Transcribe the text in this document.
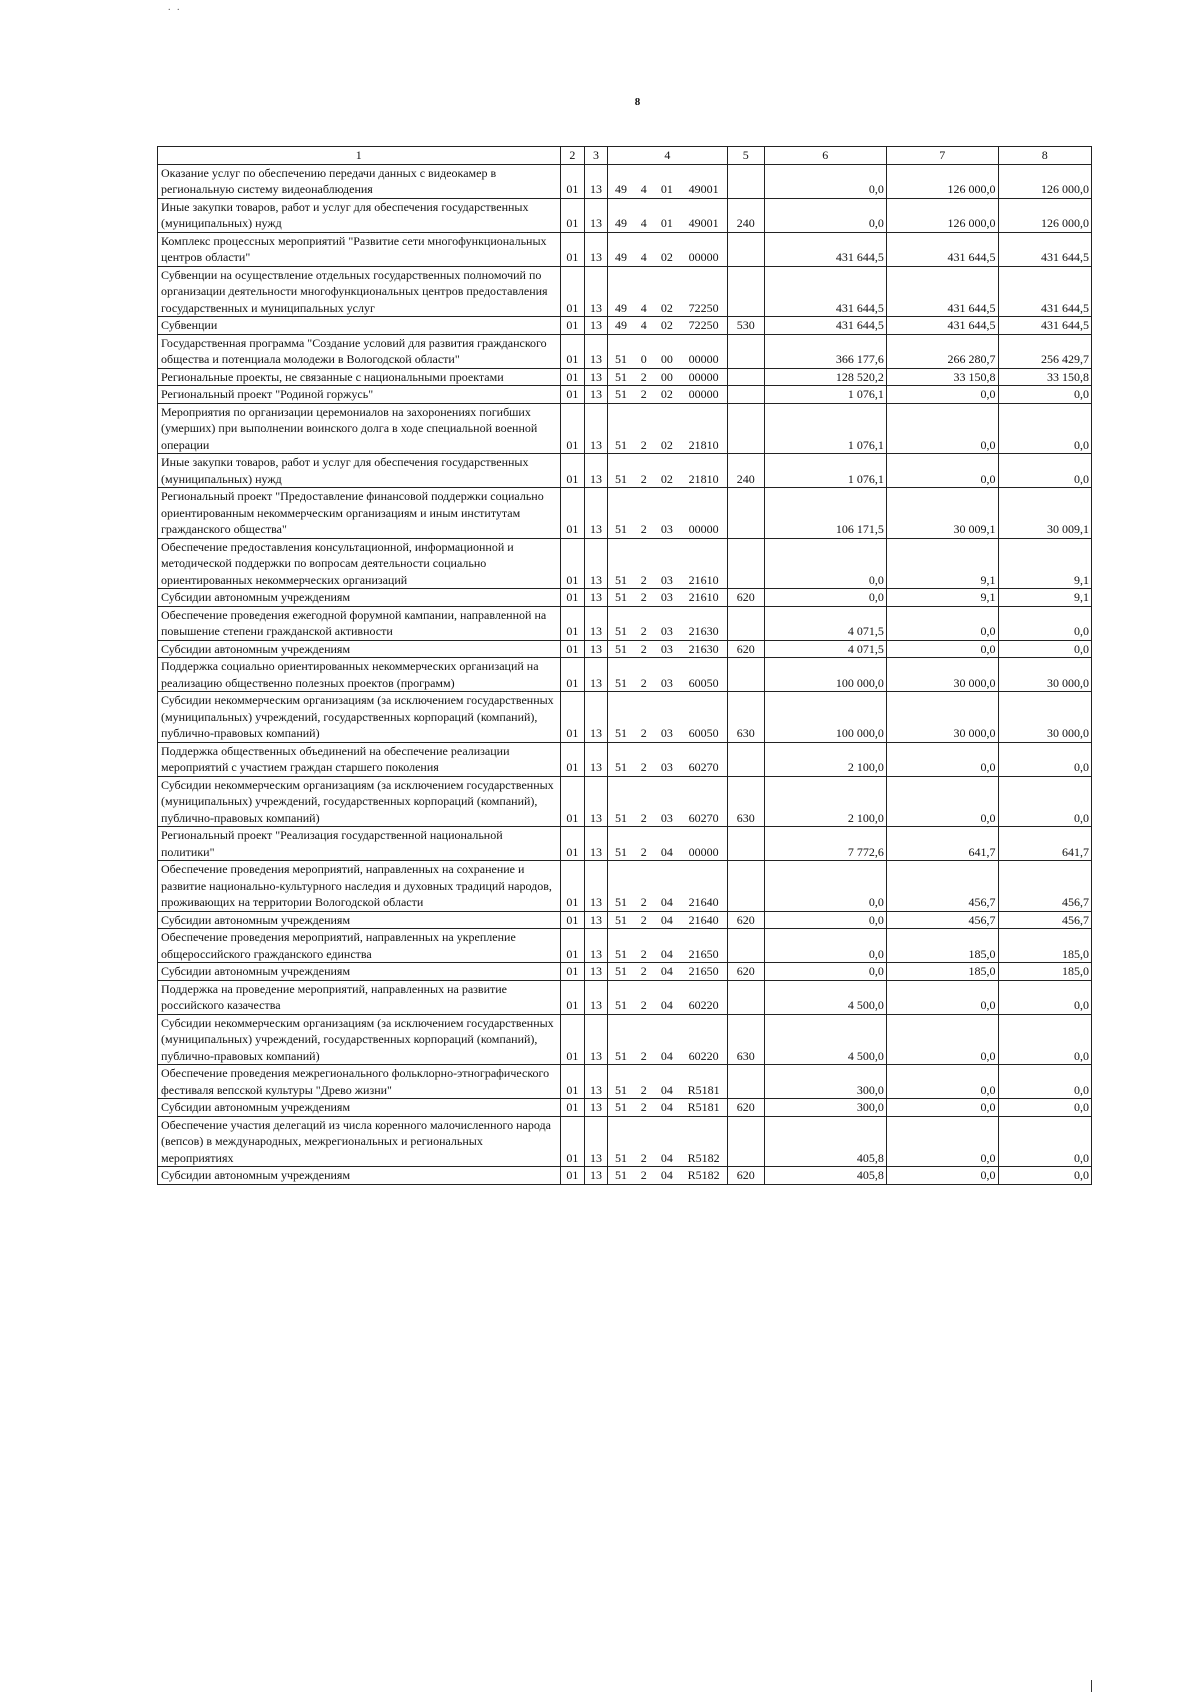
. .
8
1	2	3	4				5	6	7	8
Оказание услуг по обеспечению передачи данных с видеокамер в региональную систему видеонаблюдения	01	13	49	4	01	49001		0,0	126 000,0	126 000,0
Иные закупки товаров, работ и услуг для обеспечения государственных (муниципальных) нужд	01	13	49	4	01	49001	240	0,0	126 000,0	126 000,0
Комплекс процессных мероприятий "Развитие сети многофункциональных центров области"	01	13	49	4	02	00000		431 644,5	431 644,5	431 644,5
Субвенции на осуществление отдельных государственных полномочий по организации деятельности многофункциональных центров предоставления государственных и муниципальных услуг	01	13	49	4	02	72250		431 644,5	431 644,5	431 644,5
Субвенции	01	13	49	4	02	72250	530	431 644,5	431 644,5	431 644,5
Государственная программа "Создание условий для развития гражданского общества и потенциала молодежи в Вологодской области"	01	13	51	0	00	00000		366 177,6	266 280,7	256 429,7
Региональные проекты, не связанные с национальными проектами	01	13	51	2	00	00000		128 520,2	33 150,8	33 150,8
Региональный проект "Родиной горжусь"	01	13	51	2	02	00000		1 076,1	0,0	0,0
Мероприятия по организации церемониалов на захоронениях погибших (умерших) при выполнении воинского долга в ходе специальной военной операции	01	13	51	2	02	21810		1 076,1	0,0	0,0
Иные закупки товаров, работ и услуг для обеспечения государственных (муниципальных) нужд	01	13	51	2	02	21810	240	1 076,1	0,0	0,0
Региональный проект "Предоставление финансовой поддержки социально ориентированным некоммерческим организациям и иным институтам гражданского общества"	01	13	51	2	03	00000		106 171,5	30 009,1	30 009,1
Обеспечение предоставления консультационной, информационной и методической поддержки по вопросам деятельности социально ориентированных некоммерческих организаций	01	13	51	2	03	21610		0,0	9,1	9,1
Субсидии автономным учреждениям	01	13	51	2	03	21610	620	0,0	9,1	9,1
Обеспечение проведения ежегодной форумной кампании, направленной на повышение степени гражданской активности	01	13	51	2	03	21630		4 071,5	0,0	0,0
Субсидии автономным учреждениям	01	13	51	2	03	21630	620	4 071,5	0,0	0,0
Поддержка социально ориентированных некоммерческих организаций на реализацию общественно полезных проектов (программ)	01	13	51	2	03	60050		100 000,0	30 000,0	30 000,0
Субсидии некоммерческим организациям (за исключением государственных (муниципальных) учреждений, государственных корпораций (компаний), публично-правовых компаний)	01	13	51	2	03	60050	630	100 000,0	30 000,0	30 000,0
Поддержка общественных объединений на обеспечение реализации мероприятий с участием граждан старшего поколения	01	13	51	2	03	60270		2 100,0	0,0	0,0
Субсидии некоммерческим организациям (за исключением государственных (муниципальных) учреждений, государственных корпораций (компаний), публично-правовых компаний)	01	13	51	2	03	60270	630	2 100,0	0,0	0,0
Региональный проект "Реализация государственной национальной политики"	01	13	51	2	04	00000		7 772,6	641,7	641,7
Обеспечение проведения мероприятий, направленных на сохранение и развитие национально-культурного наследия и духовных традиций народов, проживающих на территории Вологодской области	01	13	51	2	04	21640		0,0	456,7	456,7
Субсидии автономным учреждениям	01	13	51	2	04	21640	620	0,0	456,7	456,7
Обеспечение проведения мероприятий, направленных на укрепление общероссийского гражданского единства	01	13	51	2	04	21650		0,0	185,0	185,0
Субсидии автономным учреждениям	01	13	51	2	04	21650	620	0,0	185,0	185,0
Поддержка на проведение мероприятий, направленных на развитие российского казачества	01	13	51	2	04	60220		4 500,0	0,0	0,0
Субсидии некоммерческим организациям (за исключением государственных (муниципальных) учреждений, государственных корпораций (компаний), публично-правовых компаний)	01	13	51	2	04	60220	630	4 500,0	0,0	0,0
Обеспечение проведения межрегионального фольклорно-этнографического фестиваля вепсской культуры "Древо жизни"	01	13	51	2	04	R5181		300,0	0,0	0,0
Субсидии автономным учреждениям	01	13	51	2	04	R5181	620	300,0	0,0	0,0
Обеспечение участия делегаций из числа коренного малочисленного народа (вепсов) в международных, межрегиональных и региональных мероприятиях	01	13	51	2	04	R5182		405,8	0,0	0,0
Субсидии автономным учреждениям	01	13	51	2	04	R5182	620	405,8	0,0	0,0
